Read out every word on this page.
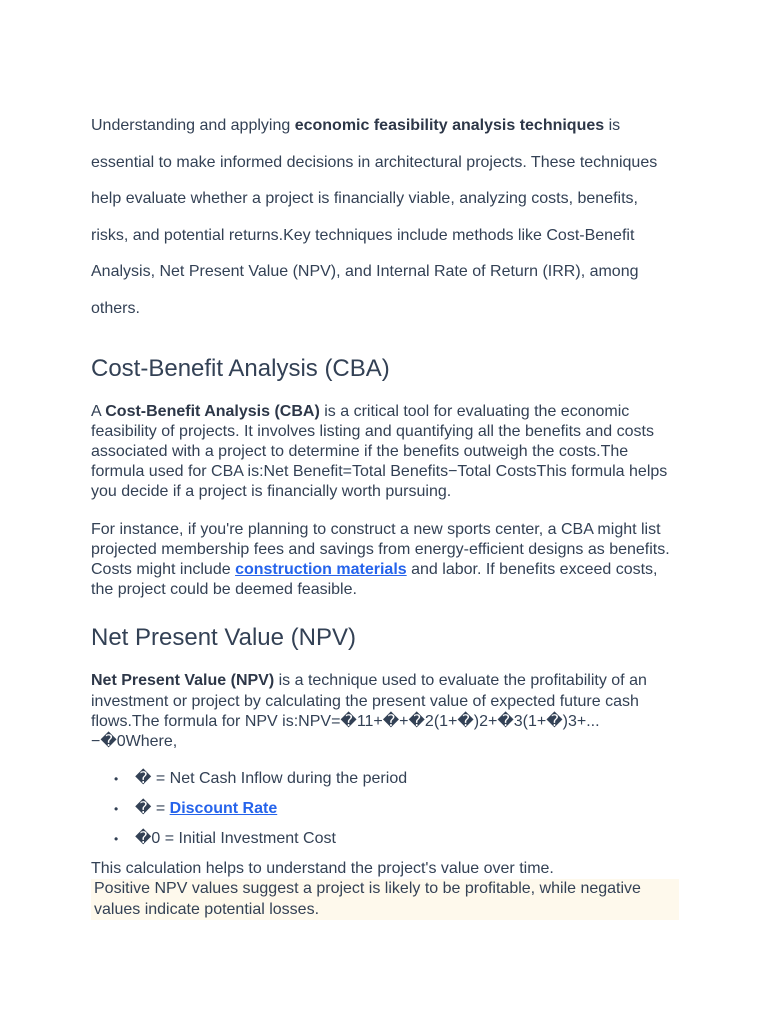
Understanding and applying economic feasibility analysis techniques is essential to make informed decisions in architectural projects. These techniques help evaluate whether a project is financially viable, analyzing costs, benefits, risks, and potential returns.Key techniques include methods like Cost-Benefit Analysis, Net Present Value (NPV), and Internal Rate of Return (IRR), among others.

Cost-Benefit Analysis (CBA)

A Cost-Benefit Analysis (CBA) is a critical tool for evaluating the economic feasibility of projects. It involves listing and quantifying all the benefits and costs associated with a project to determine if the benefits outweigh the costs.The formula used for CBA is:Net Benefit=Total Benefits−Total CostsThis formula helps you decide if a project is financially worth pursuing.

For instance, if you're planning to construct a new sports center, a CBA might list projected membership fees and savings from energy-efficient designs as benefits. Costs might include construction materials and labor. If benefits exceed costs, the project could be deemed feasible.

Net Present Value (NPV)

Net Present Value (NPV) is a technique used to evaluate the profitability of an investment or project by calculating the present value of expected future cash flows.The formula for NPV is:NPV=�11+�+�2(1+�)2+�3(1+�)3+...−�0Where,

• � = Net Cash Inflow during the period
• � = Discount Rate
• �0 = Initial Investment Cost

This calculation helps to understand the project's value over time.

Positive NPV values suggest a project is likely to be profitable, while negative values indicate potential losses.
